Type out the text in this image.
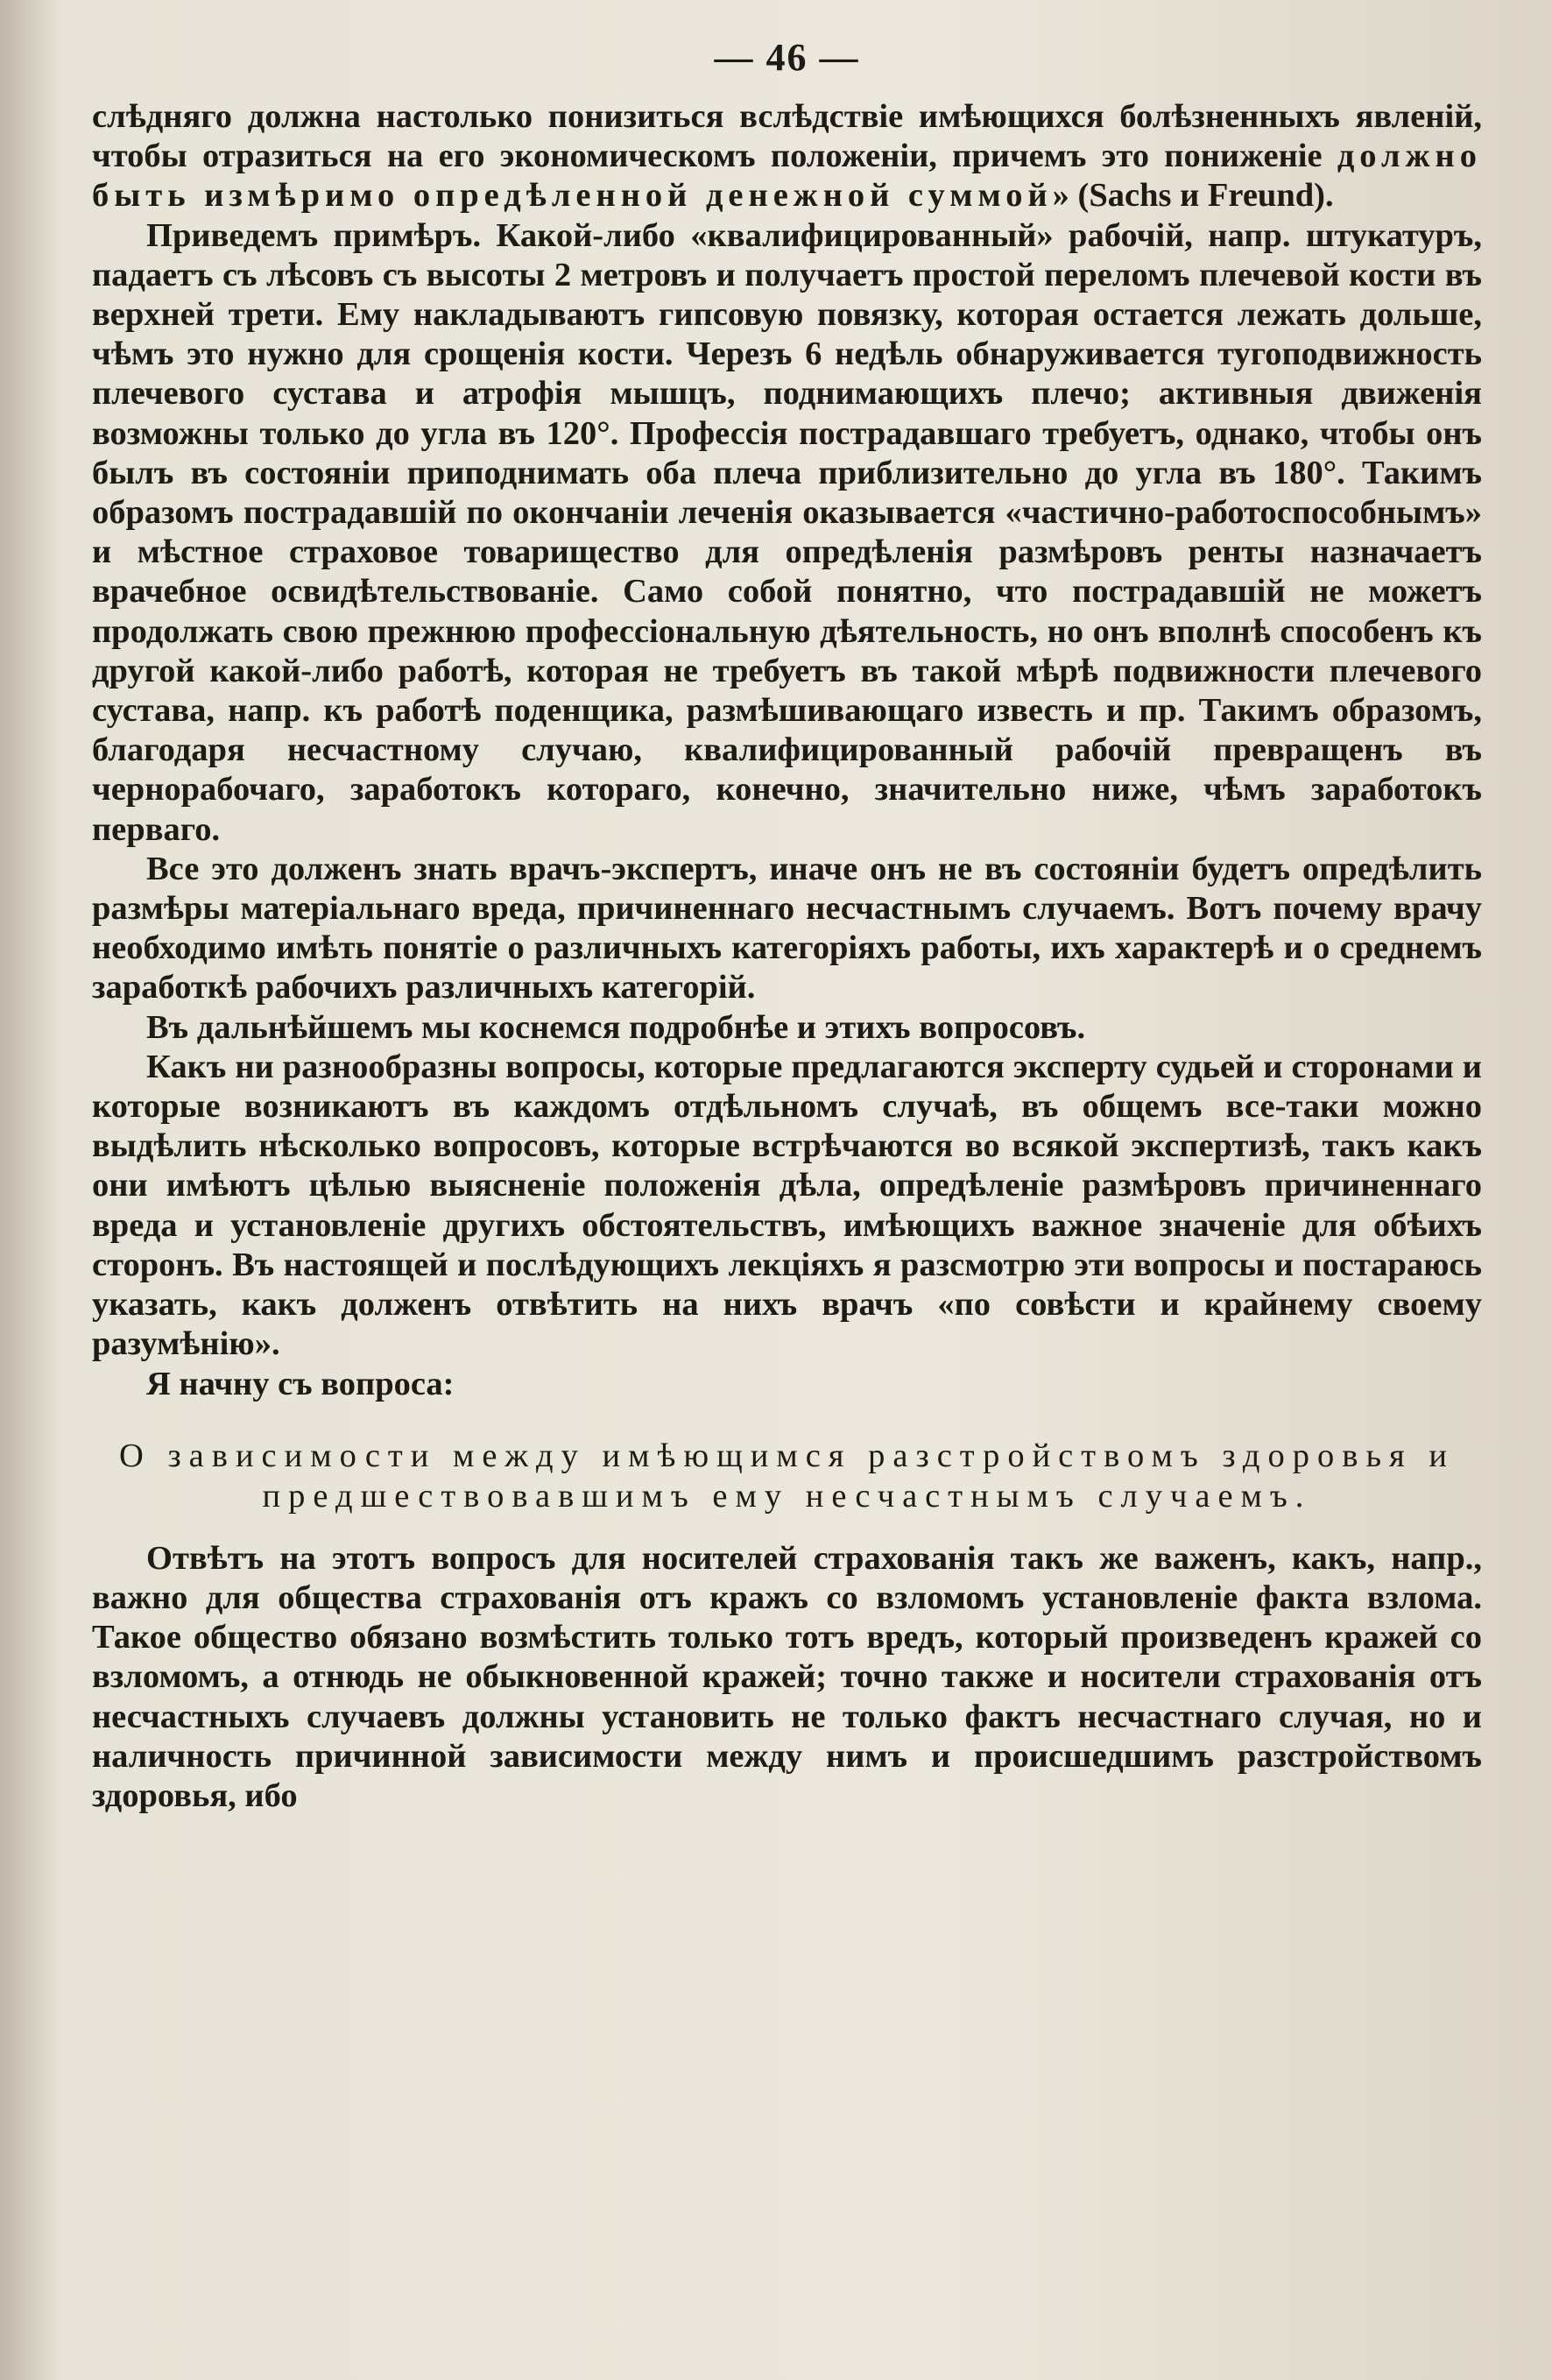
— 46 —

слѣдняго должна настолько понизиться вслѣдствіе имѣющихся болѣзненныхъ явленій, чтобы отразиться на его экономическомъ положеніи, причемъ это пониженіе должно быть измѣримо опредѣленной денежной суммой» (Sachs и Freund).

Приведемъ примѣръ. Какой-либо «квалифицированный» рабочій, напр. штукатуръ, падаетъ съ лѣсовъ съ высоты 2 метровъ и получаетъ простой переломъ плечевой кости въ верхней трети. Ему накладываютъ гипсовую повязку, которая остается лежать дольше, чѣмъ это нужно для срощенія кости. Черезъ 6 недѣль обнаруживается тугоподвижность плечевого сустава и атрофія мышцъ, поднимающихъ плечо; активныя движенія возможны только до угла въ 120°. Профессія пострадавшаго требуетъ, однако, чтобы онъ былъ въ состояніи приподнимать оба плеча приблизительно до угла въ 180°. Такимъ образомъ пострадавшій по окончаніи леченія оказывается «частично-работоспособнымъ» и мѣстное страховое товарищество для опредѣленія размѣровъ ренты назначаетъ врачебное освидѣтельствованіе. Само собой понятно, что пострадавшій не можетъ продолжать свою прежнюю профессіональную дѣятельность, но онъ вполнѣ способенъ къ другой какой-либо работѣ, которая не требуетъ въ такой мѣрѣ подвижности плечевого сустава, напр. къ работѣ поденщика, размѣшивающаго известь и пр. Такимъ образомъ, благодаря несчастному случаю, квалифицированный рабочій превращенъ въ чернорабочаго, заработокъ котораго, конечно, значительно ниже, чѣмъ заработокъ перваго.

Все это долженъ знать врачъ-экспертъ, иначе онъ не въ состояніи будетъ опредѣлить размѣры матеріальнаго вреда, причиненнаго несчастнымъ случаемъ. Вотъ почему врачу необходимо имѣть понятіе о различныхъ категоріяхъ работы, ихъ характерѣ и о среднемъ заработкѣ рабочихъ различныхъ категорій.

Въ дальнѣйшемъ мы коснемся подробнѣе и этихъ вопросовъ.

Какъ ни разнообразны вопросы, которые предлагаются эксперту судьей и сторонами и которые возникаютъ въ каждомъ отдѣльномъ случаѣ, въ общемъ все-таки можно выдѣлить нѣсколько вопросовъ, которые встрѣчаются во всякой экспертизѣ, такъ какъ они имѣютъ цѣлью выясненіе положенія дѣла, опредѣленіе размѣровъ причиненнаго вреда и установленіе другихъ обстоятельствъ, имѣющихъ важное значеніе для обѣихъ сторонъ. Въ настоящей и послѣдующихъ лекціяхъ я разсмотрю эти вопросы и постараюсь указать, какъ долженъ отвѣтить на нихъ врачъ «по совѣсти и крайнему своему разумѣнію».

Я начну съ вопроса:

О зависимости между имѣющимся разстройствомъ здоровья и предшествовавшимъ ему несчастнымъ случаемъ.

Отвѣтъ на этотъ вопросъ для носителей страхованія такъ же важенъ, какъ, напр., важно для общества страхованія отъ кражъ со взломомъ установленіе факта взлома. Такое общество обязано возмѣстить только тотъ вредъ, который произведенъ кражей со взломомъ, а отнюдь не обыкновенной кражей; точно также и носители страхованія отъ несчастныхъ случаевъ должны установить не только фактъ несчастнаго случая, но и наличность причинной зависимости между нимъ и происшедшимъ разстройствомъ здоровья, ибо
